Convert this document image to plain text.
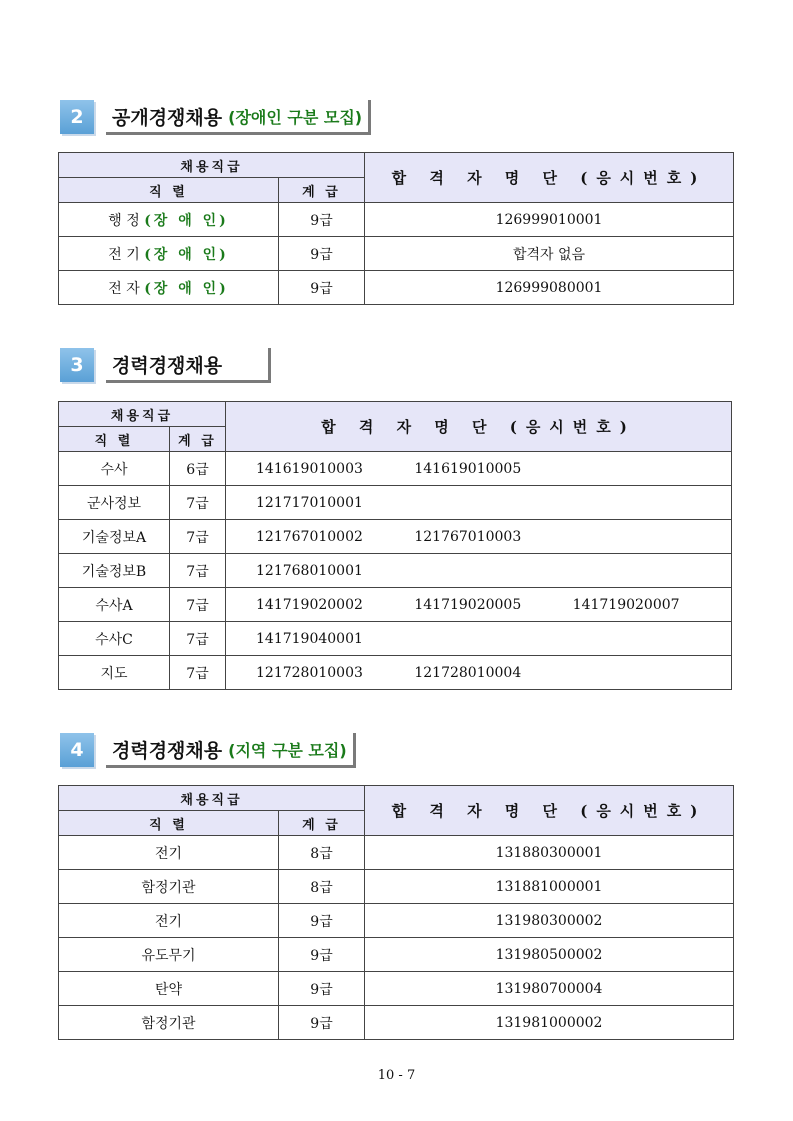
2	공개경쟁채용 (장애인 구분 모집)
채용직급		합 격 자 명 단 (응시번호)
직 렬	계 급	
행 정 (장 애 인)	9급	126999010001
전 기 (장 애 인)	9급	합격자 없음
전 자 (장 애 인)	9급	126999080001
3	경력경쟁채용
채용직급		합 격 자 명 단 (응시번호)
직 렬	계 급	
수사	6급	141619010003 141619010005

군사정보	7급	121717010001

기술정보A	7급	121767010002 121767010003

기술정보B	7급	121768010001

수사A	7급	141719020002 141719020005 141719020007

수사C	7급	141719040001

지도	7급	121728010003 121728010004
4	경력경쟁채용 (지역 구분 모집)
채용직급		합 격 자 명 단 (응시번호)
직 렬	계 급	
전기	8급	131880300001
함정기관	8급	131881000001
전기	9급	131980300002
유도무기	9급	131980500002
탄약	9급	131980700004
함정기관	9급	131981000002
10 - 7
